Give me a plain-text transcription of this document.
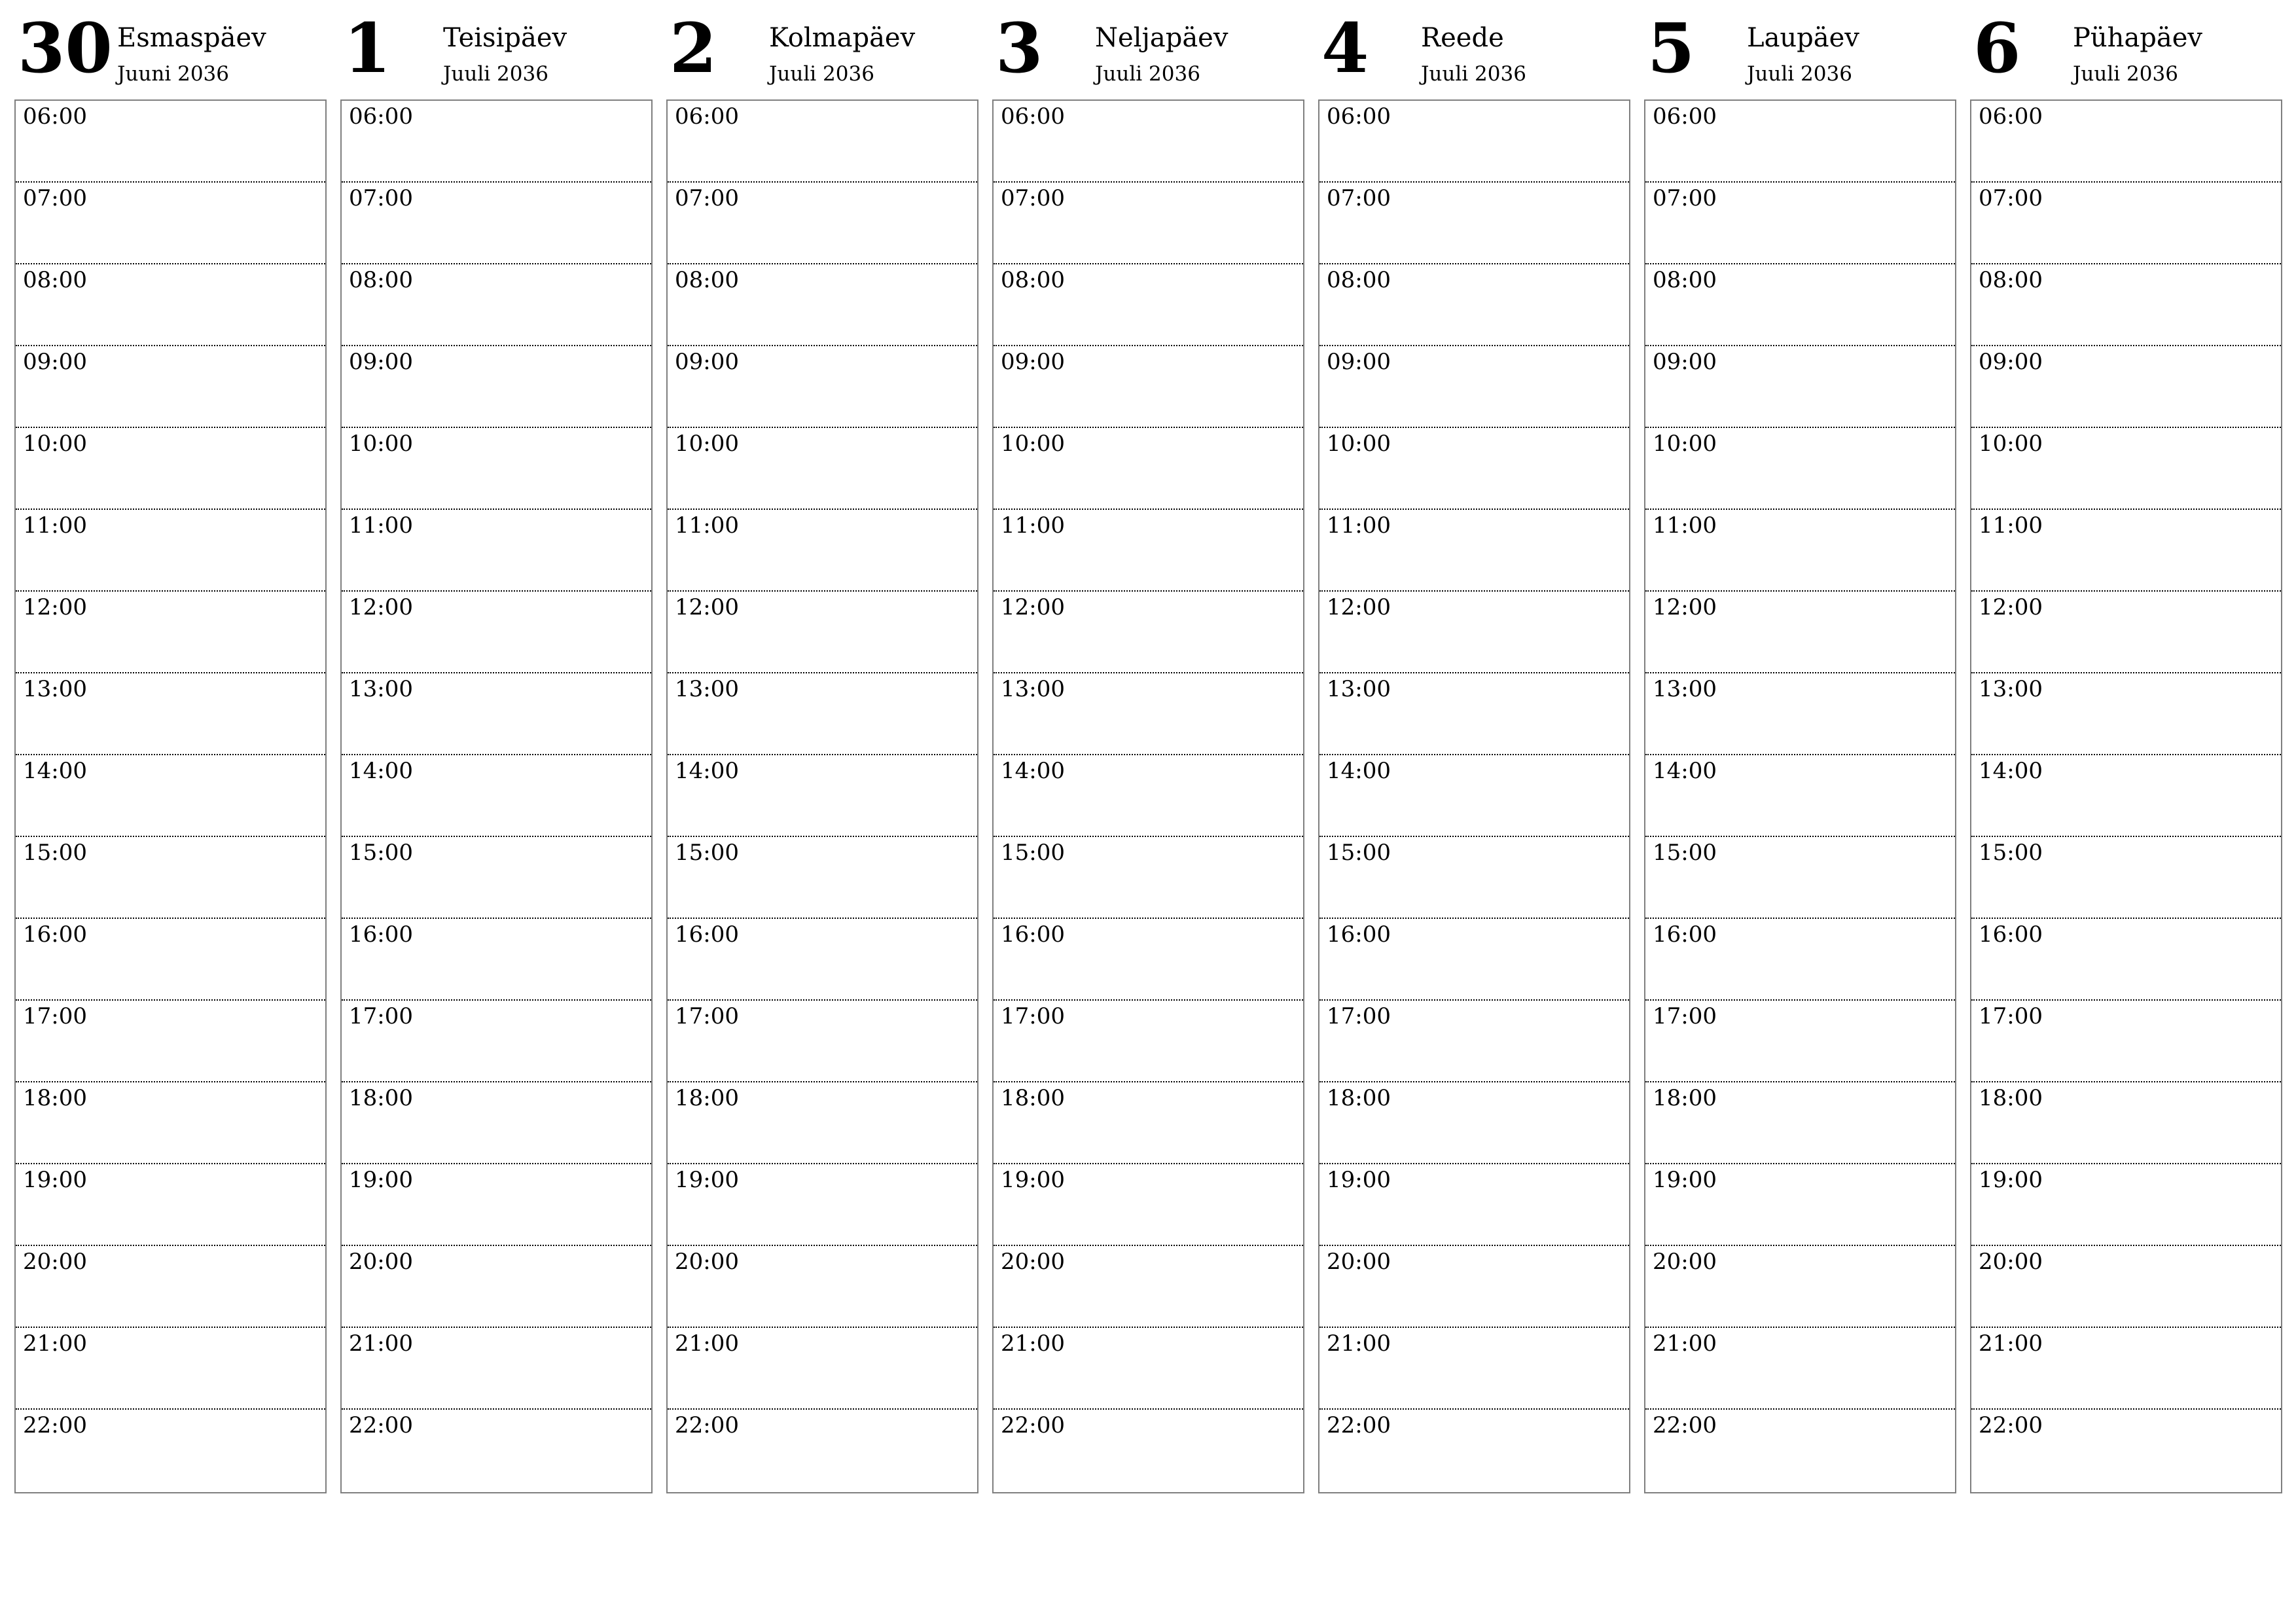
30 Esmaspäev
Juuni 2036
06:00
07:00
08:00
09:00
10:00
11:00
12:00
13:00
14:00
15:00
16:00
17:00
18:00
19:00
20:00
21:00
22:00
1 Teisipäev
Juuli 2036
06:00
07:00
08:00
09:00
10:00
11:00
12:00
13:00
14:00
15:00
16:00
17:00
18:00
19:00
20:00
21:00
22:00
2 Kolmapäev
Juuli 2036
06:00
07:00
08:00
09:00
10:00
11:00
12:00
13:00
14:00
15:00
16:00
17:00
18:00
19:00
20:00
21:00
22:00
3 Neljapäev
Juuli 2036
06:00
07:00
08:00
09:00
10:00
11:00
12:00
13:00
14:00
15:00
16:00
17:00
18:00
19:00
20:00
21:00
22:00
4 Reede
Juuli 2036
06:00
07:00
08:00
09:00
10:00
11:00
12:00
13:00
14:00
15:00
16:00
17:00
18:00
19:00
20:00
21:00
22:00
5 Laupäev
Juuli 2036
06:00
07:00
08:00
09:00
10:00
11:00
12:00
13:00
14:00
15:00
16:00
17:00
18:00
19:00
20:00
21:00
22:00
6 Pühapäev
Juuli 2036
06:00
07:00
08:00
09:00
10:00
11:00
12:00
13:00
14:00
15:00
16:00
17:00
18:00
19:00
20:00
21:00
22:00
